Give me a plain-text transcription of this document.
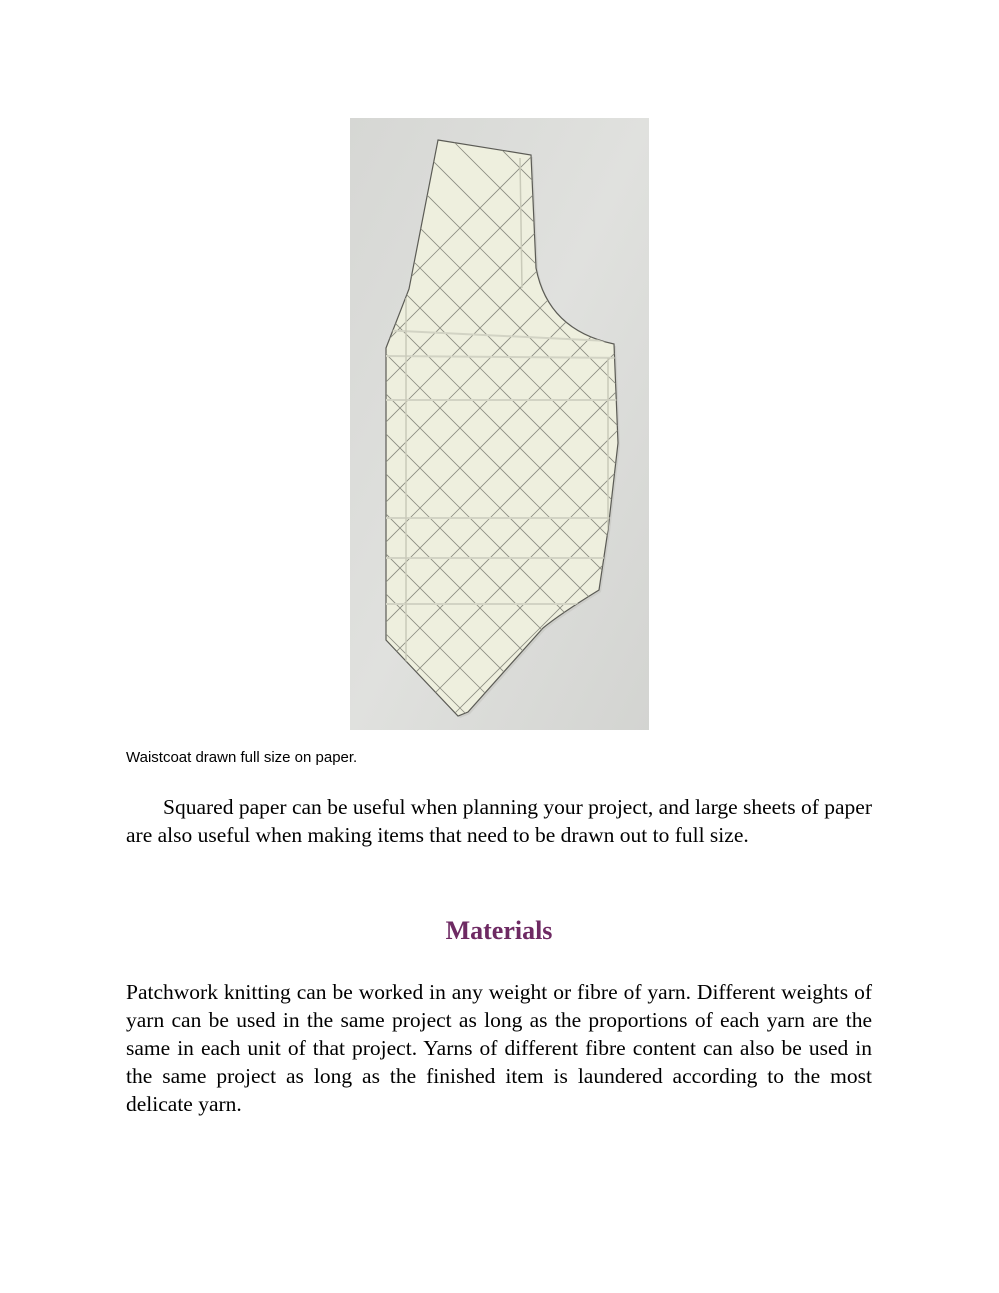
Waistcoat drawn full size on paper.

Squared paper can be useful when planning your project, and large sheets of paper are also useful when making items that need to be drawn out to full size.

Materials

Patchwork knitting can be worked in any weight or fibre of yarn. Different weights of yarn can be used in the same project as long as the proportions of each yarn are the same in each unit of that project. Yarns of different fibre content can also be used in the same project as long as the finished item is laundered according to the most delicate yarn.
